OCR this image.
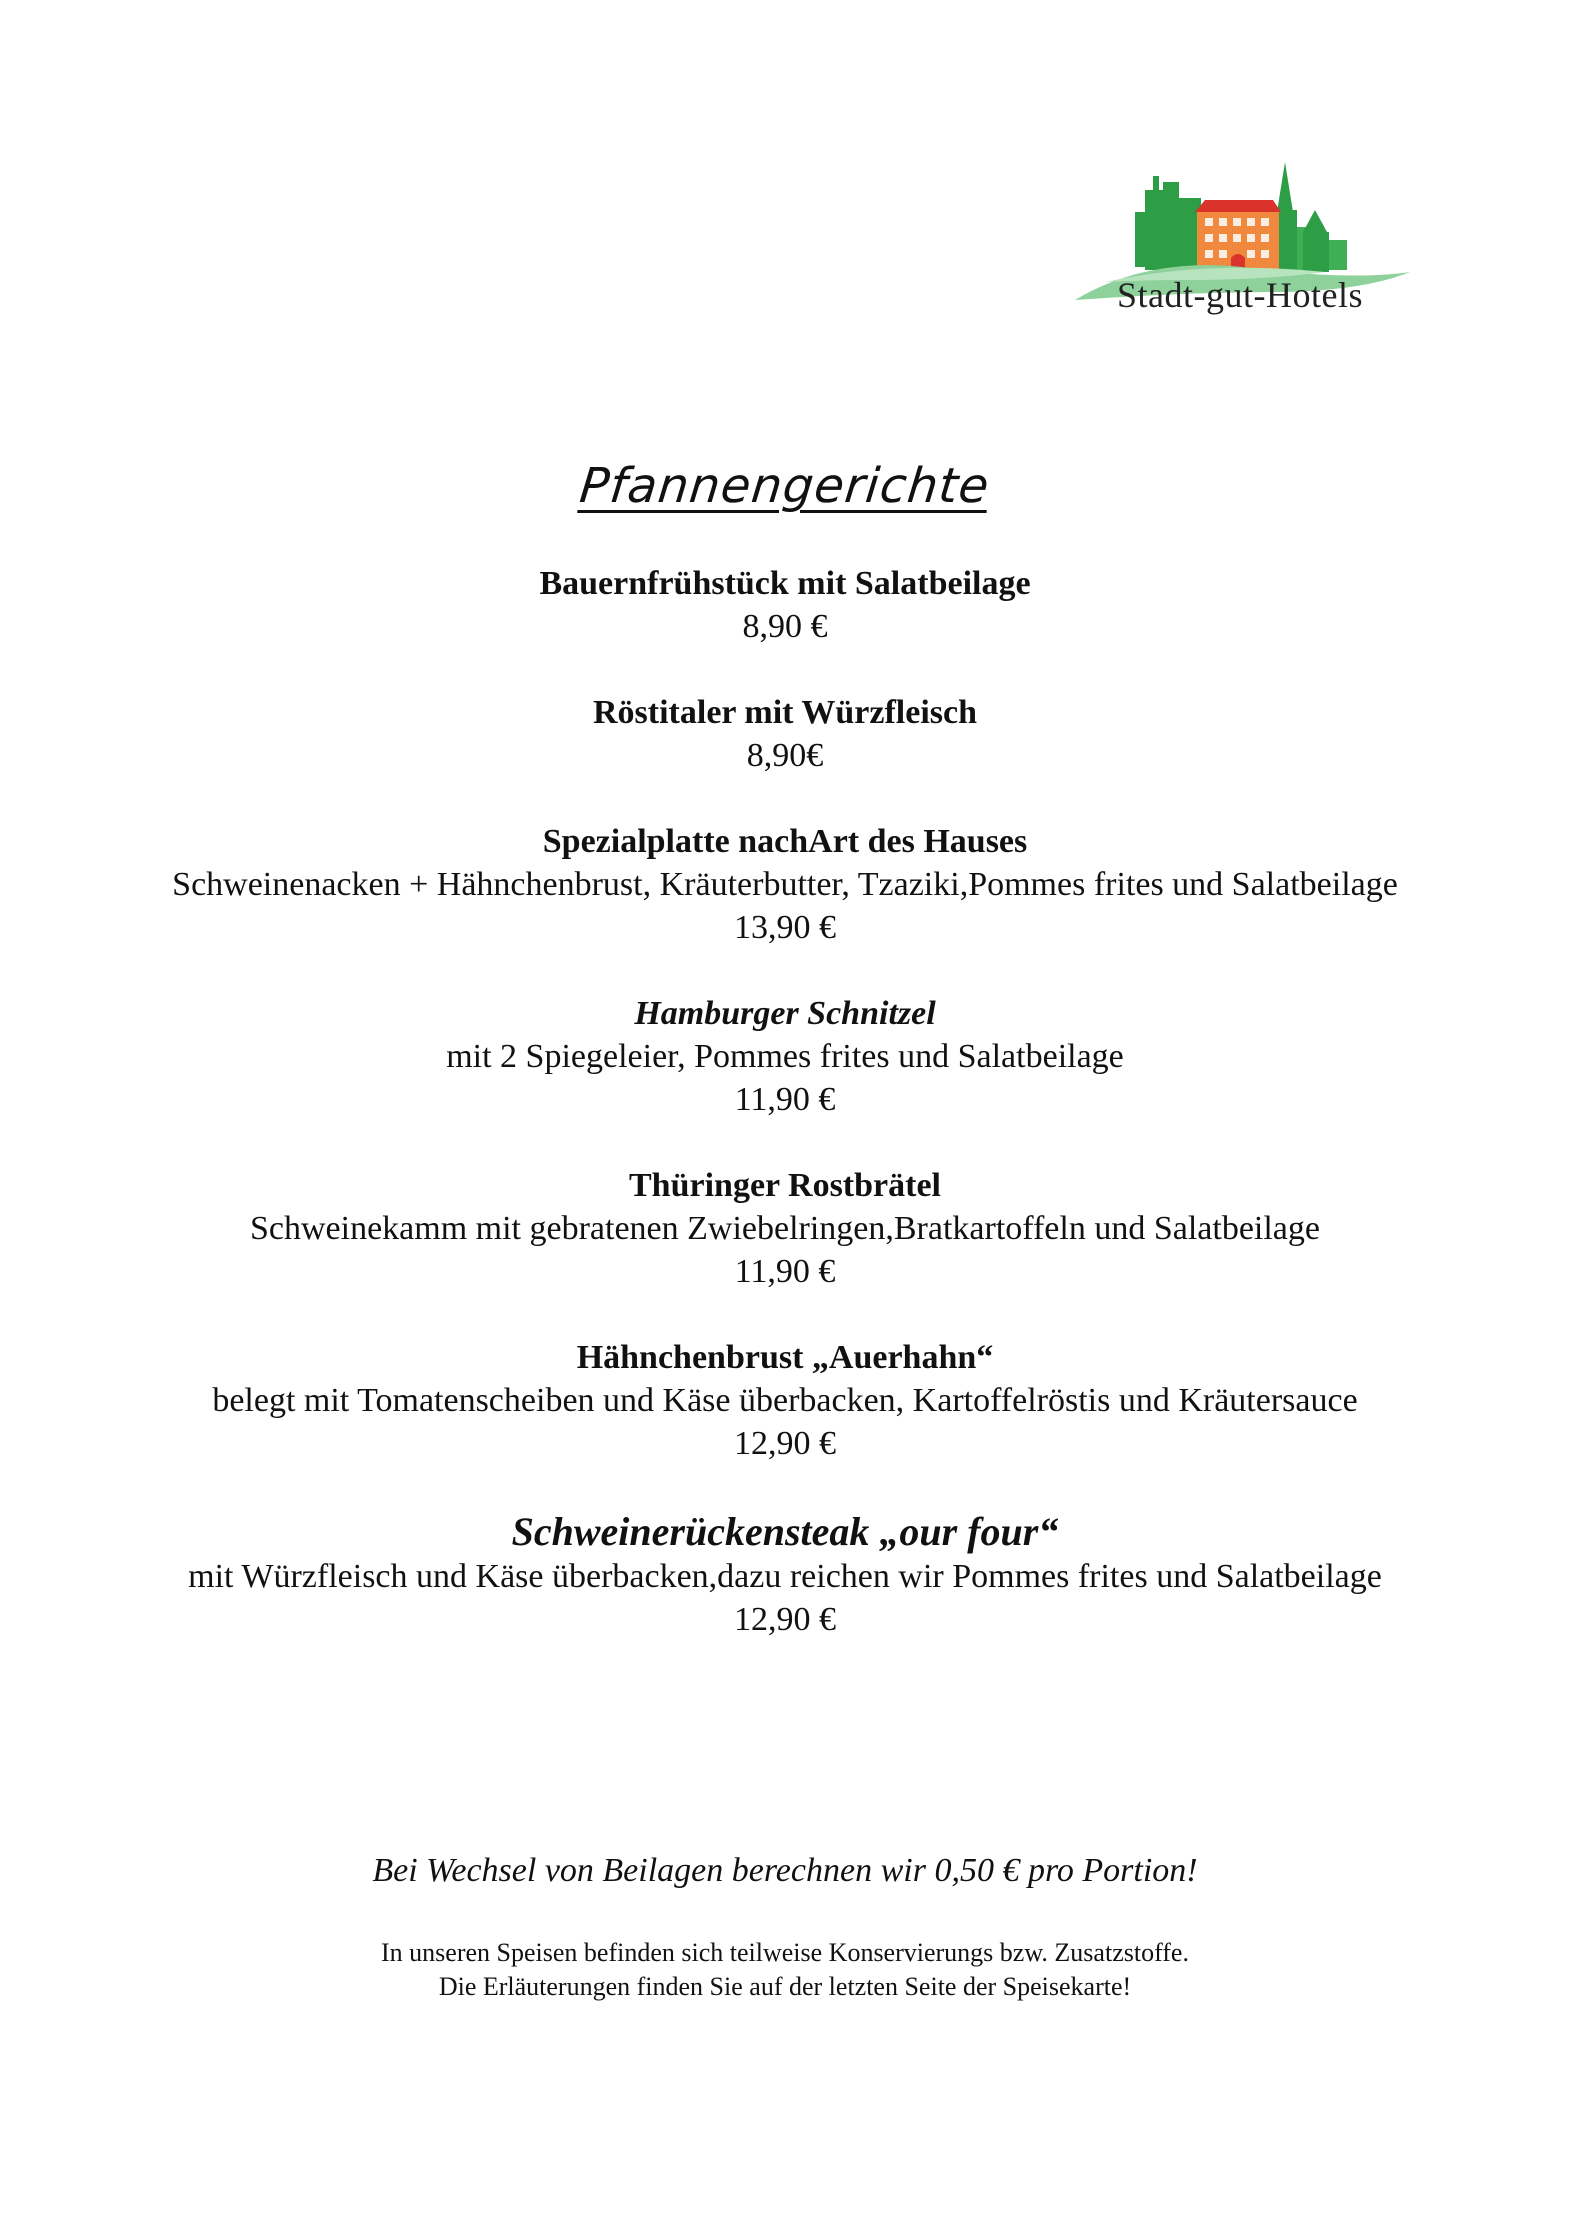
Stadt-gut-Hotels
Pfannengerichte
Bauernfrühstück mit Salatbeilage
8,90 €
Röstitaler mit Würzfleisch
8,90€
Spezialplatte nachArt des Hauses
Schweinenacken + Hähnchenbrust, Kräuterbutter, Tzaziki,Pommes frites und Salatbeilage
13,90 €
Hamburger Schnitzel
mit 2 Spiegeleier, Pommes frites und Salatbeilage
11,90 €
Thüringer Rostbrätel
Schweinekamm mit gebratenen Zwiebelringen,Bratkartoffeln und Salatbeilage
11,90 €
Hähnchenbrust „Auerhahn“
belegt mit Tomatenscheiben und Käse überbacken, Kartoffelröstis und Kräutersauce
12,90 €
Schweinerückensteak „our four“
mit Würzfleisch und Käse überbacken,dazu reichen wir Pommes frites und Salatbeilage
12,90 €
Bei Wechsel von Beilagen berechnen wir 0,50 € pro Portion!
In unseren Speisen befinden sich teilweise Konservierungs bzw. Zusatzstoffe.
Die Erläuterungen finden Sie auf der letzten Seite der Speisekarte!
